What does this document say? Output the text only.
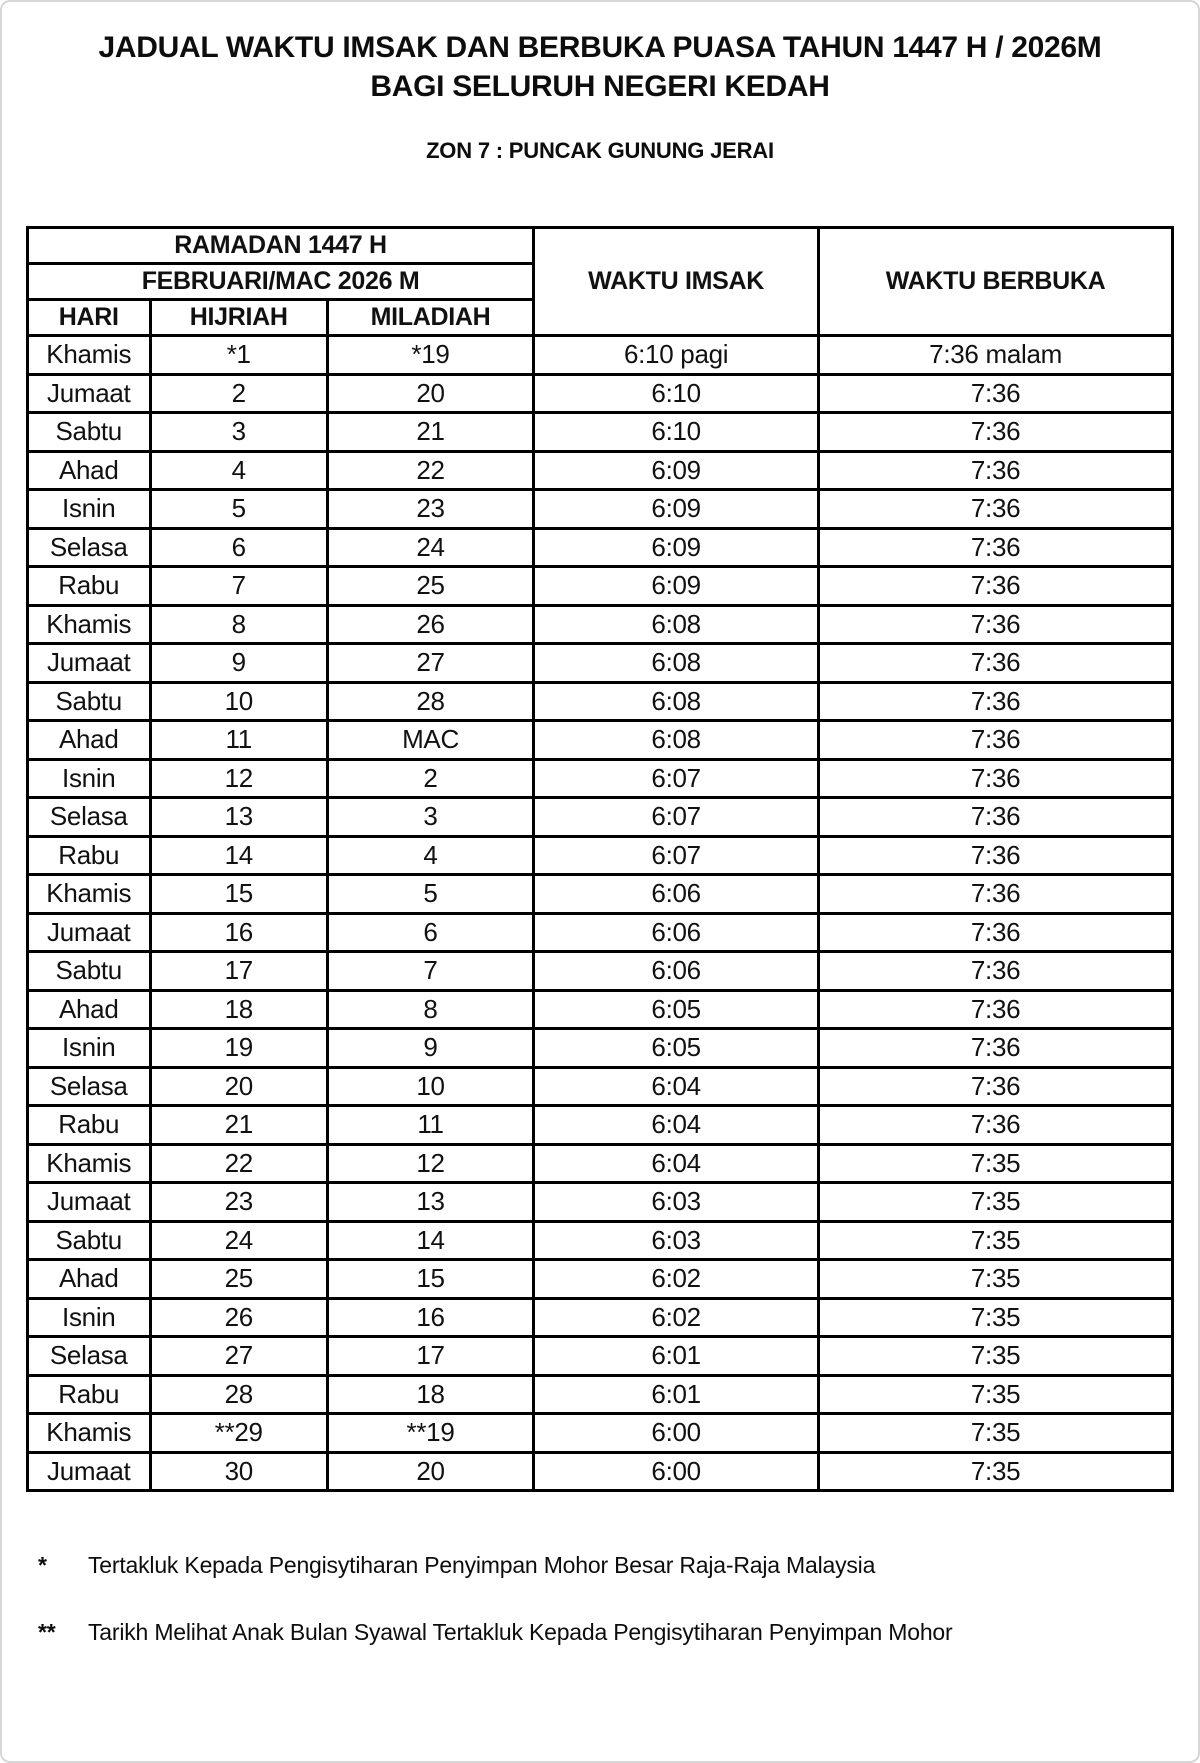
JADUAL WAKTU IMSAK DAN BERBUKA PUASA TAHUN 1447 H / 2026M
BAGI SELURUH NEGERI KEDAH
ZON 7 : PUNCAK GUNUNG JERAI
RAMADAN 1447 H			WAKTU IMSAK	WAKTU BERBUKA
FEBRUARI/MAC 2026 M				
HARI	HIJRIAH	MILADIAH		
Khamis	*1	*19	6:10 pagi	7:36 malam
Jumaat	2	20	6:10	7:36
Sabtu	3	21	6:10	7:36
Ahad	4	22	6:09	7:36
Isnin	5	23	6:09	7:36
Selasa	6	24	6:09	7:36
Rabu	7	25	6:09	7:36
Khamis	8	26	6:08	7:36
Jumaat	9	27	6:08	7:36
Sabtu	10	28	6:08	7:36
Ahad	11	MAC	6:08	7:36
Isnin	12	2	6:07	7:36
Selasa	13	3	6:07	7:36
Rabu	14	4	6:07	7:36
Khamis	15	5	6:06	7:36
Jumaat	16	6	6:06	7:36
Sabtu	17	7	6:06	7:36
Ahad	18	8	6:05	7:36
Isnin	19	9	6:05	7:36
Selasa	20	10	6:04	7:36
Rabu	21	11	6:04	7:36
Khamis	22	12	6:04	7:35
Jumaat	23	13	6:03	7:35
Sabtu	24	14	6:03	7:35
Ahad	25	15	6:02	7:35
Isnin	26	16	6:02	7:35
Selasa	27	17	6:01	7:35
Rabu	28	18	6:01	7:35
Khamis	**29	**19	6:00	7:35
Jumaat	30	20	6:00	7:35
*	Tertakluk Kepada Pengisytiharan Penyimpan Mohor Besar Raja-Raja Malaysia
**	Tarikh Melihat Anak Bulan Syawal Tertakluk Kepada Pengisytiharan Penyimpan Mohor
